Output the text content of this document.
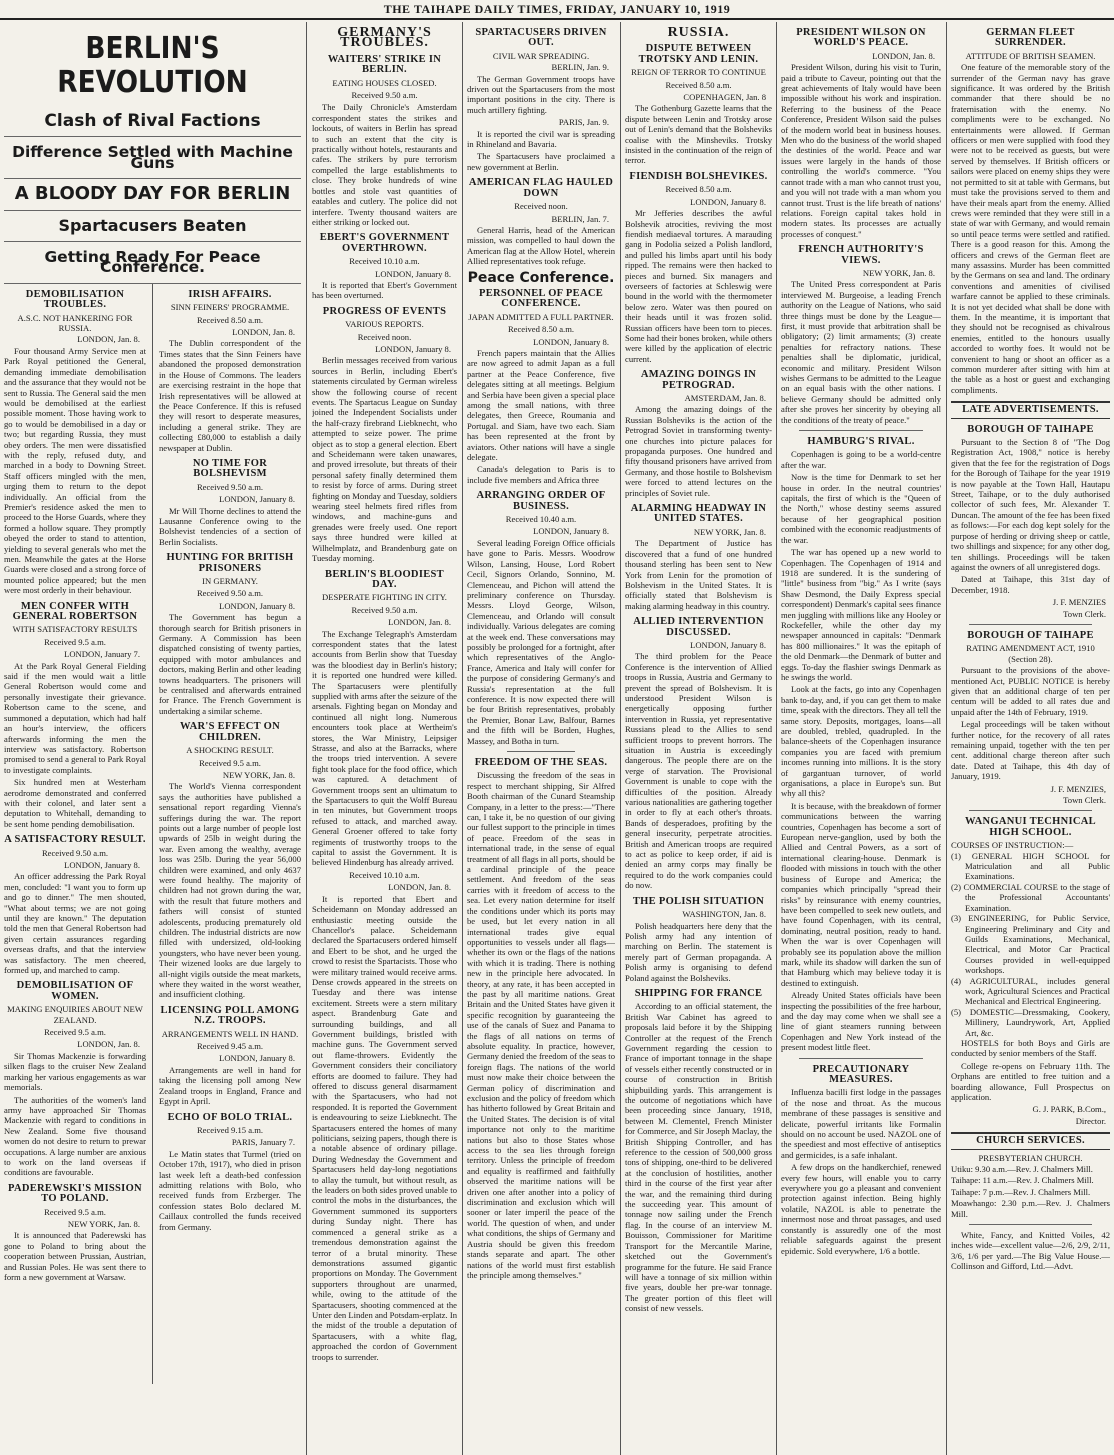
THE TAIHAPE DAILY TIMES, FRIDAY, JANUARY 10, 1919
BERLIN'S REVOLUTION
Clash of Rival Factions
Difference Settled with Machine Guns
A BLOODY DAY FOR BERLIN
Spartacusers Beaten
Getting Ready For Peace Conference.
DEMOBILISATION TROUBLES.
A.S.C. NOT HANKERING FOR RUSSIA.
LONDON, Jan. 8.

Four thousand Army Service men at Park Royal petitioned the General, demanding immediate demobilisation and the assurance that they would not be sent to Russia. The General said the men would be demobilised at the earliest possible moment. Those having work to go to would be demobilised in a day or two; but regarding Russia, they must obey orders. The men were dissatisfied with the reply, refused duty, and marched in a body to Downing Street. Staff officers mingled with the men, urging them to return to the depot individually. An official from the Premier's residence asked the men to proceed to the Horse Guards, where they formed a hollow square. They promptly obeyed the order to stand to attention, yielding to several generals who met the men. Meanwhile the gates at the Horse Guards were closed and a strong force of mounted police appeared; but the men were most orderly in their behaviour.

MEN CONFER WITH GENERAL ROBERTSON
WITH SATISFACTORY RESULTS
Received 9.5 a.m.
LONDON, January 7.

At the Park Royal General Fielding said if the men would wait a little General Robertson would come and personally investigate their grievance. Robertson came to the scene, and summoned a deputation, which had half an hour's interview, the officers afterwards informing the men the interview was satisfactory. Robertson promised to send a general to Park Royal to investigate complaints.

Six hundred men at Westerham aerodrome demonstrated and conferred with their colonel, and later sent a deputation to Whitehall, demanding to be sent home pending demobilisation.

A SATISFACTORY RESULT.
Received 9.50 a.m.
LONDON, January 8.

An officer addressing the Park Royal men, concluded: "I want you to form up and go to dinner." The men shouted, "What about terms; we are not going until they are known." The deputation told the men that General Robertson had given certain assurances regarding overseas drafts, and that the interview was satisfactory. The men cheered, formed up, and marched to camp.

DEMOBILISATION OF WOMEN.
MAKING ENQUIRIES ABOUT NEW ZEALAND.
Received 9.5 a.m.
LONDON, Jan. 8.

Sir Thomas Mackenzie is forwarding silken flags to the cruiser New Zealand marking her various engagements as war memorials.

The authorities of the women's land army have approached Sir Thomas Mackenzie with regard to conditions in New Zealand. Some five thousand women do not desire to return to prewar occupations. A large number are anxious to work on the land overseas if conditions are favourable.

PADEREWSKI'S MISSION TO POLAND.
Received 9.5 a.m.
NEW YORK, Jan. 8.

It is announced that Paderewski has gone to Poland to bring about the cooperation between Prussian, Austrian, and Russian Poles. He was sent there to form a new government at Warsaw.

IRISH AFFAIRS.
SINN FEINERS' PROGRAMME.
Received 8.50 a.m.
LONDON, Jan. 8.

The Dublin correspondent of the Times states that the Sinn Feiners have abandoned the proposed demonstration in the House of Commons. The leaders are exercising restraint in the hope that Irish representatives will be allowed at the Peace Conference. If this is refused they will resort to desperate measures, including a general strike. They are collecting £80,000 to establish a daily newspaper at Dublin.

NO TIME FOR BOLSHEVISM
Received 9.50 a.m.
LONDON, January 8.

Mr Will Thorne declines to attend the Lausanne Conference owing to the Bolshevist tendencies of a section of Berlin Socialists.

HUNTING FOR BRITISH PRISONERS
IN GERMANY.
Received 9.50 a.m.
LONDON, January 8.

The Government has begun a thorough search for British prisoners in Germany. A Commission has been dispatched consisting of twenty parties, equipped with motor ambulances and doctors, making Berlin and other leading towns headquarters. The prisoners will be centralised and afterwards entrained for France. The French Government is undertaking a similar scheme.

WAR'S EFFECT ON CHILDREN.
A SHOCKING RESULT.
Received 9.5 a.m.
NEW YORK, Jan. 8.

The World's Vienna correspondent says the authorities have published a sensational report regarding Vienna's sufferings during the war. The report points out a large number of people lost upwards of 25lb in weight during the war. Even among the wealthy, average loss was 25lb. During the year 56,000 children were examined, and only 4637 were found healthy. The majority of children had not grown during the war, with the result that future mothers and fathers will consist of stunted adolescents, producing prematurely old children. The industrial districts are now filled with undersized, old-looking youngsters, who have never been young. Their wizened looks are due largely to all-night vigils outside the meat markets, where they waited in the worst weather, and insufficient clothing.

LICENSING POLL AMONG N.Z. TROOPS.
ARRANGEMENTS WELL IN HAND.
Received 9.45 a.m.
LONDON, January 8.

Arrangements are well in hand for taking the licensing poll among New Zealand troops in England, France and Egypt in April.

ECHO OF BOLO TRIAL.
Received 9.15 a.m.
PARIS, January 7.

Le Matin states that Turmel (tried on October 17th, 1917), who died in prison last week left a death-bed confession admitting relations with Bolo, who received funds from Erzberger. The confession states Bolo declared M. Caillaux controlled the funds received from Germany.

GERMANY'S TROUBLES.
WAITERS' STRIKE IN BERLIN.
EATING HOUSES CLOSED.
Received 9.50 a.m.

The Daily Chronicle's Amsterdam correspondent states the strikes and lockouts, of waiters in Berlin has spread to such an extent that the city is practically without hotels, restaurants and cafes. The strikers by pure terrorism compelled the large establishments to close. They broke hundreds of wine bottles and stole vast quantities of eatables and cutlery. The police did not interfere. Twenty thousand waiters are either striking or locked out.

EBERT'S GOVERNMENT OVERTHROWN.
Received 10.10 a.m.
LONDON, January 8.

It is reported that Ebert's Government has been overturned.

PROGRESS OF EVENTS
VARIOUS REPORTS.
Received noon.
LONDON, January 8.

Berlin messages received from various sources in Berlin, including Ebert's statements circulated by German wireless show the following course of recent events. The Spartacus League on Sunday joined the Independent Socialists under the half-crazy firebrand Liebknecht, who attempted to seize power. The prime object as to stop a general election. Ebert and Scheidemann were taken unawares, and proved irresolute, but threats of their personal safety finally determined them to resist by force of arms. During street fighting on Monday and Tuesday, soldiers wearing steel helmets fired rifles from windows, and machine-guns and grenades were freely used. One report says three hundred were killed at Wilhelmplatz, and Brandenburg gate on Tuesday morning.

BERLIN'S BLOODIEST DAY.
DESPERATE FIGHTING IN CITY.
Received 9.50 a.m.
LONDON, Jan. 8.

The Exchange Telegraph's Amsterdam correspondent states that the latest accounts from Berlin show that Tuesday was the bloodiest day in Berlin's history; it is reported one hundred were killed. The Spartacusers were plentifully supplied with arms after the seizure of the arsenals. Fighting began on Monday and continued all night long. Numerous encounters took place at Wertheim's stores, the War Ministry, Leipsiger Strasse, and also at the Barracks, where the troops tried intervention. A severe fight took place for the food office, which was captured. A detachment of Government troops sent an ultimatum to the Spartacusers to quit the Wolff Bureau in ten minutes, but Government troops refused to attack, and marched away. General Groener offered to take forty regiments of trustworthy troops to the capital to assist the Government. It is believed Hindenburg has already arrived.

Received 10.10 a.m.
LONDON, Jan. 8.

It is reported that Ebert and Scheidemann on Monday addressed an enthusiastic meeting outside the Chancellor's palace. Scheidemann declared the Spartacusers ordered himself and Ebert to be shot, and he urged the crowd to resist the Spartacists. Those who were military trained would receive arms. Dense crowds appeared in the streets on Tuesday and there was intense excitement. Streets were a stern military aspect. Brandenburg Gate and surrounding buildings, and all Government buildings, bristled with machine guns. The Government served out flame-throwers. Evidently the Government considers their conciliatory efforts are doomed to failure. They had offered to discuss general disarmament with the Spartacusers, who had not responded. It is reported the Government is endeavouring to seize Liebknecht. The Spartacusers entered the homes of many politicians, seizing papers, though there is a notable absence of ordinary pillage. During Wednesday the Government and Spartacusers held day-long negotiations to allay the tumult, but without result, as the leaders on both sides proved unable to control the mobs in the disturbances, the Government summoned its supporters during Sunday night. There has commenced a general strike as a tremendous demonstration against the terror of a brutal minority. These demonstrations assumed gigantic proportions on Monday. The Government supporters throughout are unarmed, while, owing to the attitude of the Spartacusers, shooting commenced at the Unter den Linden and Potsdam-erplatz. In the midst of the trouble a deputation of Spartacusers, with a white flag, approached the cordon of Government troops to surrender.

SPARTACUSERS DRIVEN OUT.
CIVIL WAR SPREADING.
BERLIN, Jan. 9.

The German Government troops have driven out the Spartacusers from the most important positions in the city. There is much artillery fighting.

PARIS, Jan. 9.

It is reported the civil war is spreading in Rhineland and Bavaria.

The Spartacusers have proclaimed a new government at Berlin.

AMERICAN FLAG HAULED DOWN
Received noon.
BERLIN, Jan. 7.

General Harris, head of the American mission, was compelled to haul down the American flag at the Allow Hotel, wherein Allied representatives took refuge.

Peace Conference.
PERSONNEL OF PEACE CONFERENCE.
JAPAN ADMITTED A FULL PARTNER.
Received 8.50 a.m.
LONDON, January 8.

French papers maintain that the Allies are now agreed to admit Japan as a full partner at the Peace Conference, five delegates sitting at all meetings. Belgium and Serbia have been given a special place among the small nations, with three delegates, then Greece, Roumania and Portugal. and Siam, have two each. Siam has been represented at the front by aviators. Other nations will have a single delegate.

Canada's delegation to Paris is to include five members and Africa three

ARRANGING ORDER OF BUSINESS.
Received 10.40 a.m.
LONDON, January 8.

Several leading Foreign Office officials have gone to Paris. Messrs. Woodrow Wilson, Lansing, House, Lord Robert Cecil, Signors Orlando, Sonnino, M. Clemenceau, and Pichon will attend the preliminary conference on Thursday. Messrs. Lloyd George, Wilson, Clemenceau, and Orlando will consult individually. Various delegates are coming at the week end. These conversations may possibly be prolonged for a fortnight, after which representatives of the Anglo-France, America and Italy will confer for the purpose of considering Germany's and Russia's representation at the full conference. It is now expected there will be four British representatives, probably the Premier, Bonar Law, Balfour, Barnes and the fifth will be Borden, Hughes, Massey, and Botha in turn.

FREEDOM OF THE SEAS.

Discussing the freedom of the seas in respect to merchant shipping, Sir Alfred Booth chairman of the Cunard Steamship Company, in a letter to the press:—"There can, I take it, be no question of our giving our fullest support to the principle in times of peace. Freedom of the seas in international trade, in the sense of equal treatment of all flags in all ports, should be a cardinal principle of the peace settlement. And freedom of the seas carries with it freedom of access to the sea. Let every nation determine for itself the conditions under which its ports may be used, but let every nation in all international trades give equal opportunities to vessels under all flags—whether its own or the flags of the nations with which it is trading. There is nothing new in the principle here advocated. In theory, at any rate, it has been accepted in the past by all maritime nations. Great Britain and the United States have given it specific recognition by guaranteeing the use of the canals of Suez and Panama to the flags of all nations on terms of absolute equality. In practice, however, Germany denied the freedom of the seas to foreign flags. The nations of the world must now make their choice between the German policy of discrimination and exclusion and the policy of freedom which has hitherto followed by Great Britain and the United States. The decision is of vital importance not only to the maritime nations but also to those States whose access to the sea lies through foreign territory. Unless the principle of freedom and equality is reaffirmed and faithfully observed the maritime nations will be driven one after another into a policy of discrimination and exclusion which will sooner or later imperil the peace of the world. The question of when, and under what conditions, the ships of Germany and Austria should be given this freedom stands separate and apart. The other nations of the world must first establish the principle among themselves."

RUSSIA.
DISPUTE BETWEEN TROTSKY AND LENIN.
REIGN OF TERROR TO CONTINUE
Received 8.50 a.m.
COPENHAGEN, Jan. 8

The Gothenburg Gazette learns that the dispute between Lenin and Trotsky arose out of Lenin's demand that the Bolsheviks coalise with the Minsheviks. Trotsky insisted in the continuation of the reign of terror.

FIENDISH BOLSHEVIKES.
Received 8.50 a.m.
LONDON, January 8.

Mr Jefferies describes the awful Bolshevik atrocities, reviving the most fiendish mediaeval tortures. A marauding gang in Podolia seized a Polish landlord, and pulled his limbs apart until his body ripped. The remains were then hacked to pieces and burned. Six managers and overseers of factories at Schleswig were bound in the world with the thermometer below zero. Water was then poured on their heads until it was frozen solid. Russian officers have been torn to pieces. Some had their bones broken, while others were killed by the application of electric current.

AMAZING DOINGS IN PETROGRAD.
AMSTERDAM, Jan. 8.

Among the amazing doings of the Russian Bolsheviks is the action of the Petrograd Soviet in transforming twenty-one churches into picture palaces for propaganda purposes. One hundred and fifty thousand prisoners have arrived from Germany, and those hostile to Bolshevism were forced to attend lectures on the principles of Soviet rule.

ALARMING HEADWAY IN UNITED STATES.
NEW YORK, Jan. 8.

The Department of Justice has discovered that a fund of one hundred thousand sterling has been sent to New York from Lenin for the promotion of Bolshevism in the United States. It is officially stated that Bolshevism is making alarming headway in this country.

ALLIED INTERVENTION DISCUSSED.
LONDON, January 8.

The third problem for the Peace Conference is the intervention of Allied troops in Russia, Austria and Germany to prevent the spread of Bolshevism. It is understood President Wilson is energetically opposing further intervention in Russia, yet representative Russians plead to the Allies to send sufficient troops to prevent horrors. The situation in Austria is exceedingly dangerous. The people there are on the verge of starvation. The Provisional Government is unable to cope with the difficulties of the position. Already various nationalities are gathering together in order to fly at each other's throats. Bands of desperadoes, profiting by the general insecurity, perpetrate atrocities. British and American troops are required to act as police to keep order, if aid is denied an army corps may finally be required to do the work companies could do now.

THE POLISH SITUATION
WASHINGTON, Jan. 8.

Polish headquarters here deny that the Polish army had any intention of marching on Berlin. The statement is merely part of German propaganda. A Polish army is organising to defend Poland against the Bolsheviks.

SHIPPING FOR FRANCE

According to an official statement, the British War Cabinet has agreed to proposals laid before it by the Shipping Controller at the request of the French Government regarding the cession to France of important tonnage in the shape of vessels either recently constructed or in course of construction in British shipbuilding yards. This arrangement is the outcome of negotiations which have been proceeding since January, 1918, between M. Clementel, French Minister for Commerce, and Sir Joseph Maclay, the British Shipping Controller, and has reference to the cession of 500,000 gross tons of shipping, one-third to be delivered at the conclusion of hostilities, another third in the course of the first year after the war, and the remaining third during the succeeding year. This amount of tonnage now sailing under the French flag. In the course of an interview M. Bouisson, Commissioner for Maritime Transport for the Mercantile Marine, sketched out the Government's programme for the future. He said France will have a tonnage of six million within five years, double her pre-war tonnage. The greater portion of this fleet will consist of new vessels.

PRESIDENT WILSON ON WORLD'S PEACE.
LONDON, Jan. 8.

President Wilson, during his visit to Turin, paid a tribute to Caveur, pointing out that the great achievements of Italy would have been impossible without his work and inspiration. Referring to the business of the Peace Conference, President Wilson said the pulses of the modern world beat in business houses. Men who do the business of the world shaped the destinies of the world. Peace and war issues were largely in the hands of those controlling the world's commerce. "You cannot trade with a man who cannot trust you, and you will not trade with a man whom you cannot trust. Trust is the life breath of nations' relations. Foreign capital takes hold in modern states. Its processes are actually processes of conquest."

FRENCH AUTHORITY'S VIEWS.
NEW YORK, Jan. 8.

The United Press correspondent at Paris interviewed M. Burgeoise, a leading French authority on the League of Nations, who said three things must be done by the League—first, it must provide that arbitration shall be obligatory; (2) limit armaments; (3) create penalties for refractory nations. These penalties shall be diplomatic, juridical, economic and military. President Wilson wishes Germans to be admitted to the League on an equal basis with the other nations. I believe Germany should be admitted only after she proves her sincerity by obeying all the conditions of the treaty of peace."

HAMBURG'S RIVAL.

Copenhagen is going to be a world-centre after the war.

Now is the time for Denmark to set her house in order. In the neutral countries' capitals, the first of which is the "Queen of the North," whose destiny seems assured because of her geographical position combined with the economic readjustments of the war.

The war has opened up a new world to Copenhagen. The Copenhagen of 1914 and 1918 are sundered. It is the sundering of "little" business from "big." As I write (says Shaw Desmond, the Daily Express special correspondent) Denmark's capital sees finance men juggling with millions like any Hooley or Rockefeller, while the other day my newspaper announced in capitals: "Denmark has 800 millionaires." It was the epitaph of the old Denmark—the Denmark of butter and eggs. To-day the flashier swings Denmark as he swings the world.

Look at the facts, go into any Copenhagen bank to-day, and, if you can get them to make time, speak with the directors. They all tell the same story. Deposits, mortgages, loans—all are doubled, trebled, quadrupled. In the balance-sheets of the Copenhagen insurance companies you are faced with premium incomes running into millions. It is the story of gargantuan turnover, of world organisations, a place in Europe's sun. But why all this?

It is because, with the breakdown of former communications between the warring countries, Copenhagen has become a sort of European nerve-ganglion, used by both the Allied and Central Powers, as a sort of international clearing-house. Denmark is flooded with missions in touch with the other business of Europe and America; the companies which principally "spread their risks" by reinsurance with enemy countries, have been compelled to seek new outlets, and have found Copenhagen, with its central, dominating, neutral position, ready to hand. When the war is over Copenhagen will probably see its population above the million mark, while its shadow will darken the sun of that Hamburg which may believe today it is destined to extinguish.

Already United States officials have been inspecting the possibilities of the free harbour, and the day may come when we shall see a line of giant steamers running between Copenhagen and New York instead of the present modest little fleet.

PRECAUTIONARY MEASURES.

Influenza bacilli first lodge in the passages of the nose and throat. As the mucous membrane of these passages is sensitive and delicate, powerful irritants like Formalin should on no account be used. NAZOL one of the speediest and most effective of antiseptics and germicides, is a safe inhalant.

A few drops on the handkerchief, renewed every few hours, will enable you to carry everywhere you go a pleasant and convenient protection against infection. Being highly volatile, NAZOL is able to penetrate the innermost nose and throat passages, and used constantly is assuredly one of the most reliable safeguards against the present epidemic. Sold everywhere, 1/6 a bottle.

GERMAN FLEET SURRENDER.
ATTITUDE OF BRITISH SEAMEN.

One feature of the memorable story of the surrender of the German navy has grave significance. It was ordered by the British commander that there should be no fraternisation with the enemy. No compliments were to be exchanged. No entertainments were allowed. If German officers or men were supplied with food they were not to be received as guests, but were served by themselves. If British officers or sailors were placed on enemy ships they were not permitted to sit at table with Germans, but must take the provisions served to them and have their meals apart from the enemy. Allied crews were reminded that they were still in a state of war with Germany, and would remain so until peace terms were settled and ratified. There is a good reason for this. Among the officers and crews of the German fleet are many assassins. Murder has been committed by the Germans on sea and land. The ordinary conventions and amenities of civilised warfare cannot be applied to these criminals. It is not yet decided what shall be done with them. In the meantime, it is important that they should not be recognised as chivalrous enemies, entitled to the honours usually accorded to worthy foes. It would not be convenient to hang or shoot an officer as a common murderer after sitting with him at the table as a host or guest and exchanging compliments.

LATE ADVERTISEMENTS.
BOROUGH OF TAIHAPE

Pursuant to the Section 8 of "The Dog Registration Act, 1908," notice is hereby given that the fee for the registration of Dogs for the Borough of Taihape for the year 1919 is now payable at the Town Hall, Hautapu Street, Taihape, or to the duly authorised collector of such fees, Mr. Alexander T. Duncan. The amount of the fee has been fixed as follows:—For each dog kept solely for the purpose of herding or driving sheep or cattle, two shillings and sixpence; for any other dog, ten shillings. Proceedings will be taken against the owners of all unregistered dogs.

Dated at Taihape, this 31st day of December, 1918.

J. F. MENZIES
Town Clerk.
BOROUGH OF TAIHAPE
RATING AMENDMENT ACT, 1910 (Section 28).

Pursuant to the provisions of the above-mentioned Act, PUBLIC NOTICE is hereby given that an additional charge of ten per centum will be added to all rates due and unpaid after the 14th of February, 1919.

Legal proceedings will be taken without further notice, for the recovery of all rates remaining unpaid, together with the ten per cent. additional charge thereon after such date. Dated at Taihape, this 4th day of January, 1919.

J. F. MENZIES,
Town Clerk.
WANGANUI TECHNICAL HIGH SCHOOL.
COURSES OF INSTRUCTION:—
(1) GENERAL HIGH SCHOOL for Matriculation and all Public Examinations.
(2) COMMERCIAL COURSE to the stage of the Professional Accountants' Examination.
(3) ENGINEERING, for Public Service, Engineering Preliminary and City and Guilds Examinations, Mechanical, Electrical, and Motor Car Practical Courses provided in well-equipped workshops.
(4) AGRICULTURAL, includes general work, Agricultural Sciences and Practical Mechanical and Electrical Engineering.
(5) DOMESTIC—Dressmaking, Cookery, Millinery, Laundrywork, Art, Applied Art, &c.

HOSTELS for both Boys and Girls are conducted by senior members of the Staff.

College re-opens on February 11th. The Orphans are entitled to free tuition and a boarding allowance, Full Prospectus on application.

G. J. PARK, B.Com.,
Director.
CHURCH SERVICES.
PRESBYTERIAN CHURCH.
Utiku: 9.30 a.m.—Rev. J. Chalmers Mill.
Taihape: 11 a.m.—Rev. J. Chalmers Mill.
Taihape: 7 p.m.—Rev. J. Chalmers Mill.
Moawhango: 2.30 p.m.—Rev. J. Chalmers Mill.

White, Fancy, and Knitted Voiles, 42 inches wide—excellent value—2/6, 2/9, 2/11, 3/6, 1/6 per yard.—The Big Value House.—Collinson and Gifford, Ltd.—Advt.
